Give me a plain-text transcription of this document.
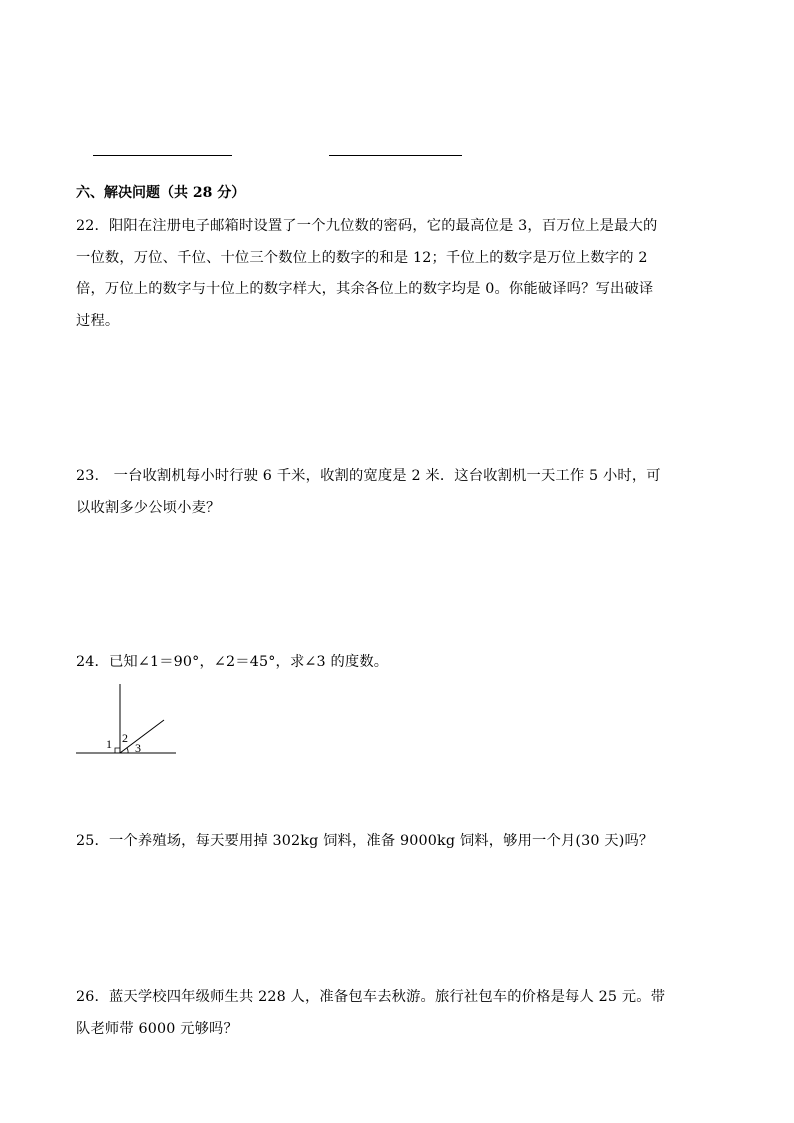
六、解决问题（共 28 分）
22．阳阳在注册电子邮箱时设置了一个九位数的密码，它的最高位是 3，百万位上是最大的
一位数，万位、千位、十位三个数位上的数字的和是 12；千位上的数字是万位上数字的 2
倍，万位上的数字与十位上的数字样大，其余各位上的数字均是 0。你能破译吗？写出破译
过程。
23.　一台收割机每小时行驶 6 千米，收割的宽度是 2 米．这台收割机一天工作 5 小时，可
以收割多少公顷小麦？
24．已知∠1＝90°，∠2＝45°，求∠3 的度数。
1 2
3
25．一个养殖场，每天要用掉 302kg 饲料，准备 9000kg 饲料，够用一个月(30 天)吗？
26．蓝天学校四年级师生共 228 人，准备包车去秋游。旅行社包车的价格是每人 25 元。带
队老师带 6000 元够吗？
